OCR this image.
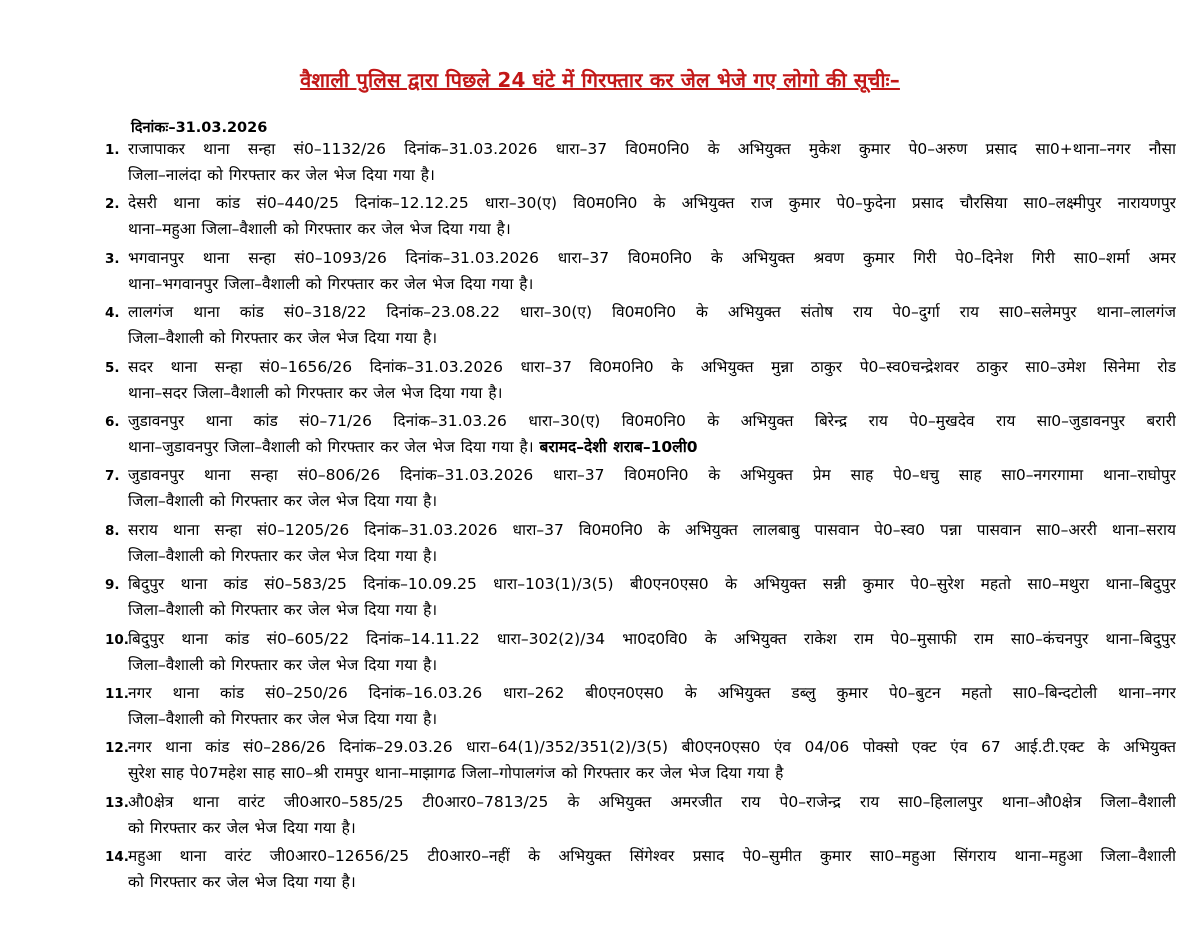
वैशाली पुलिस द्वारा पिछले 24 घंटे में गिरफ्तार कर जेल भेजे गए लोगो की सूचीः–
दिनांकः–31.03.2026
1. राजापाकर थाना सन्हा सं0–1132/26 दिनांक–31.03.2026 धारा–37 वि0म0नि0 के अभियुक्त मुकेश कुमार पे0–अरुण प्रसाद सा0+थाना–नगर नौसा
जिला–नालंदा को गिरफ्तार कर जेल भेज दिया गया है।
2. देसरी थाना कांड सं0–440/25 दिनांक–12.12.25 धारा–30(ए) वि0म0नि0 के अभियुक्त राज कुमार पे0–फुदेना प्रसाद चौरसिया सा0–लक्ष्मीपुर नारायणपुर
थाना–महुआ जिला–वैशाली को गिरफ्तार कर जेल भेज दिया गया है।
3. भगवानपुर थाना सन्हा सं0–1093/26 दिनांक–31.03.2026 धारा–37 वि0म0नि0 के अभियुक्त श्रवण कुमार गिरी पे0–दिनेश गिरी सा0–शर्मा अमर
थाना–भगवानपुर जिला–वैशाली को गिरफ्तार कर जेल भेज दिया गया है।
4. लालगंज थाना कांड सं0–318/22 दिनांक–23.08.22 धारा–30(ए) वि0म0नि0 के अभियुक्त संतोष राय पे0–दुर्गा राय सा0–सलेमपुर थाना–लालगंज
जिला–वैशाली को गिरफ्तार कर जेल भेज दिया गया है।
5. सदर थाना सन्हा सं0–1656/26 दिनांक–31.03.2026 धारा–37 वि0म0नि0 के अभियुक्त मुन्ना ठाकुर पे0–स्व0चन्द्रेशवर ठाकुर सा0–उमेश सिनेमा रोड
थाना–सदर जिला–वैशाली को गिरफ्तार कर जेल भेज दिया गया है।
6. जुडावनपुर थाना कांड सं0–71/26 दिनांक–31.03.26 धारा–30(ए) वि0म0नि0 के अभियुक्त बिरेन्द्र राय पे0–मुखदेव राय सा0–जुडावनपुर बरारी
थाना–जुडावनपुर जिला–वैशाली को गिरफ्तार कर जेल भेज दिया गया है। बरामद–देशी शराब–10ली0
7. जुडावनपुर थाना सन्हा सं0–806/26 दिनांक–31.03.2026 धारा–37 वि0म0नि0 के अभियुक्त प्रेम साह पे0–धचु साह सा0–नगरगामा थाना–राघोपुर
जिला–वैशाली को गिरफ्तार कर जेल भेज दिया गया है।
8. सराय थाना सन्हा सं0–1205/26 दिनांक–31.03.2026 धारा–37 वि0म0नि0 के अभियुक्त लालबाबु पासवान पे0–स्व0 पन्ना पासवान सा0–अररी थाना–सराय
जिला–वैशाली को गिरफ्तार कर जेल भेज दिया गया है।
9. बिदुपुर थाना कांड सं0–583/25 दिनांक–10.09.25 धारा–103(1)/3(5) बी0एन0एस0 के अभियुक्त सन्नी कुमार पे0–सुरेश महतो सा0–मथुरा थाना–बिदुपुर
जिला–वैशाली को गिरफ्तार कर जेल भेज दिया गया है।
10. बिदुपुर थाना कांड सं0–605/22 दिनांक–14.11.22 धारा–302(2)/34 भा0द0वि0 के अभियुक्त राकेश राम पे0–मुसाफी राम सा0–कंचनपुर थाना–बिदुपुर
जिला–वैशाली को गिरफ्तार कर जेल भेज दिया गया है।
11. नगर थाना कांड सं0–250/26 दिनांक–16.03.26 धारा–262 बी0एन0एस0 के अभियुक्त डब्लु कुमार पे0–बुटन महतो सा0–बिन्दटोली थाना–नगर
जिला–वैशाली को गिरफ्तार कर जेल भेज दिया गया है।
12. नगर थाना कांड सं0–286/26 दिनांक–29.03.26 धारा–64(1)/352/351(2)/3(5) बी0एन0एस0 एंव 04/06 पोक्सो एक्ट एंव 67 आई.टी.एक्ट के अभियुक्त
सुरेश साह पे07महेश साह सा0–श्री रामपुर थाना–माझागढ जिला–गोपालगंज को गिरफ्तार कर जेल भेज दिया गया है
13. औ0क्षेत्र थाना वारंट जी0आर0–585/25 टी0आर0–7813/25 के अभियुक्त अमरजीत राय पे0–राजेन्द्र राय सा0–हिलालपुर थाना–औ0क्षेत्र जिला–वैशाली
को गिरफ्तार कर जेल भेज दिया गया है।
14. महुआ थाना वारंट जी0आर0–12656/25 टी0आर0–नहीं के अभियुक्त सिंगेश्वर प्रसाद पे0–सुमीत कुमार सा0–महुआ सिंगराय थाना–महुआ जिला–वैशाली
को गिरफ्तार कर जेल भेज दिया गया है।
